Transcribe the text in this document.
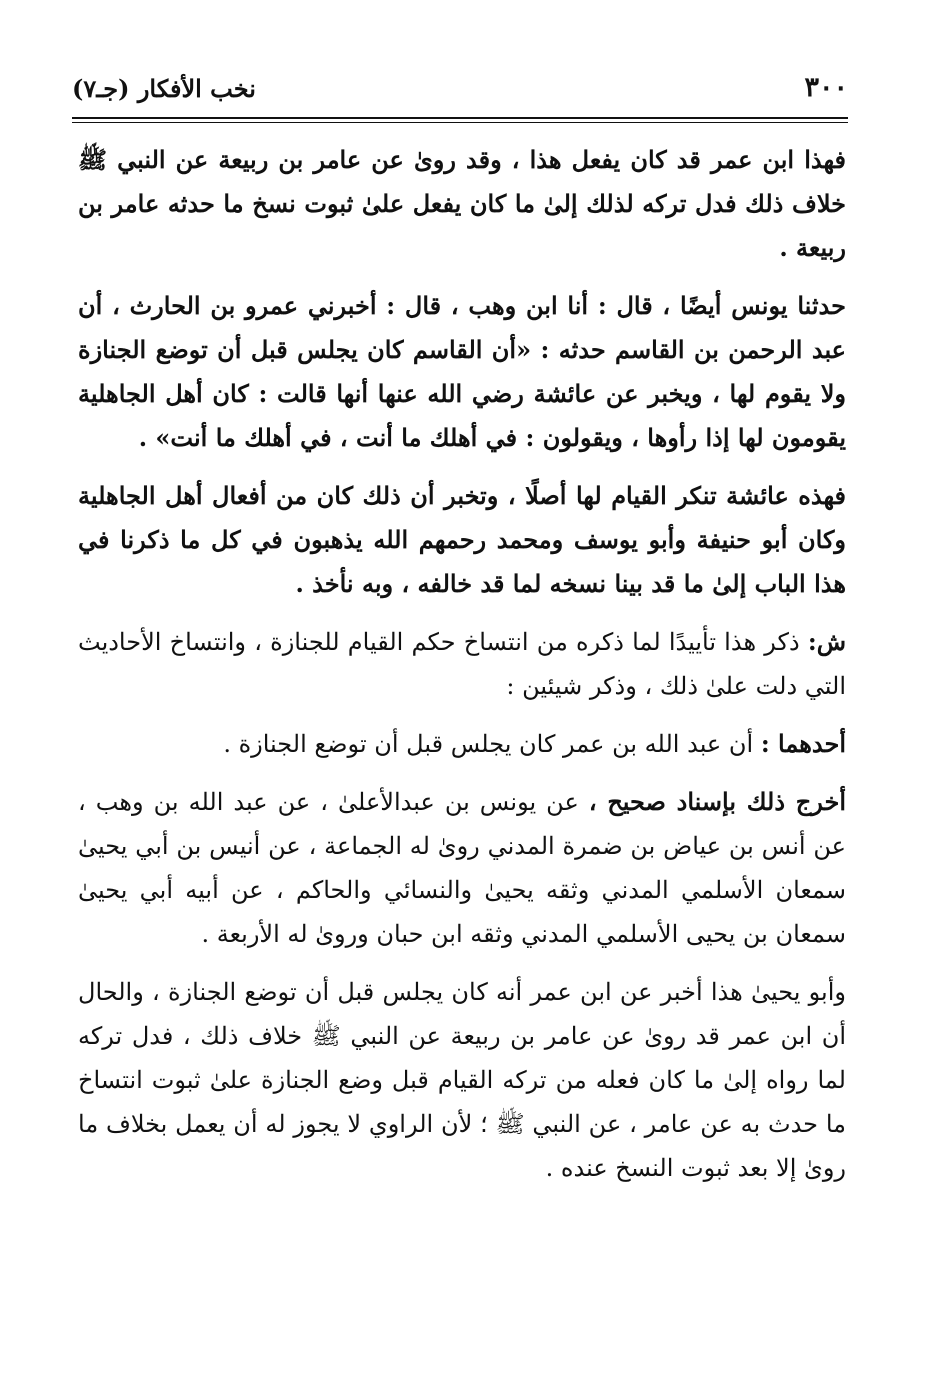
٣٠٠
نخب الأفكار (جـ٧)

فهذا ابن عمر قد كان يفعل هذا ، وقد روىٰ عن عامر بن ربيعة عن النبي ﷺ خلاف ذلك فدل تركه لذلك إلىٰ ما كان يفعل علىٰ ثبوت نسخ ما حدثه عامر بن ربيعة .

حدثنا يونس أيضًا ، قال : أنا ابن وهب ، قال : أخبرني عمرو بن الحارث ، أن عبد الرحمن بن القاسم حدثه : «أن القاسم كان يجلس قبل أن توضع الجنازة ولا يقوم لها ، ويخبر عن عائشة رضي الله عنها أنها قالت : كان أهل الجاهلية يقومون لها إذا رأوها ، ويقولون : في أهلك ما أنت ، في أهلك ما أنت» .

فهذه عائشة تنكر القيام لها أصلًا ، وتخبر أن ذلك كان من أفعال أهل الجاهلية وكان أبو حنيفة وأبو يوسف ومحمد رحمهم الله يذهبون في كل ما ذكرنا في هذا الباب إلىٰ ما قد بينا نسخه لما قد خالفه ، وبه نأخذ .

ش: ذكر هذا تأييدًا لما ذكره من انتساخ حكم القيام للجنازة ، وانتساخ الأحاديث التي دلت علىٰ ذلك ، وذكر شيئين :

أحدهما : أن عبد الله بن عمر كان يجلس قبل أن توضع الجنازة .

أخرج ذلك بإسناد صحيح ، عن يونس بن عبدالأعلىٰ ، عن عبد الله بن وهب ، عن أنس بن عياض بن ضمرة المدني روىٰ له الجماعة ، عن أنيس بن أبي يحيىٰ سمعان الأسلمي المدني وثقه يحيىٰ والنسائي والحاكم ، عن أبيه أبي يحيىٰ سمعان بن يحيى الأسلمي المدني وثقه ابن حبان وروىٰ له الأربعة .

وأبو يحيىٰ هذا أخبر عن ابن عمر أنه كان يجلس قبل أن توضع الجنازة ، والحال أن ابن عمر قد روىٰ عن عامر بن ربيعة عن النبي ﷺ خلاف ذلك ، فدل تركه لما رواه إلىٰ ما كان فعله من تركه القيام قبل وضع الجنازة علىٰ ثبوت انتساخ ما حدث به عن عامر ، عن النبي ﷺ ؛ لأن الراوي لا يجوز له أن يعمل بخلاف ما روىٰ إلا بعد ثبوت النسخ عنده .
